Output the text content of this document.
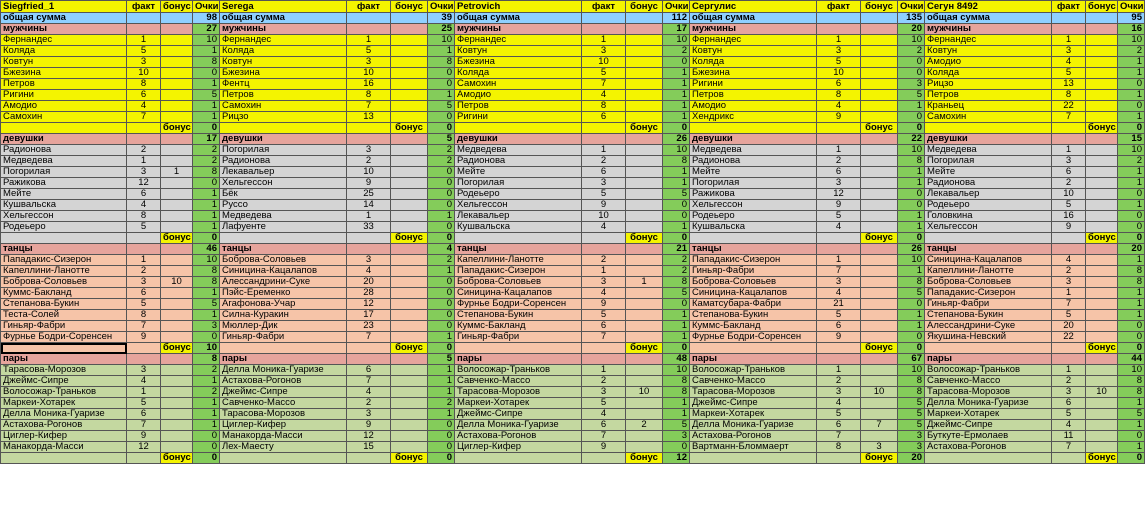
Siegfried_1	факт	бонус	Очки	Serega	факт	бонус	Очки	Petrovich	факт	бонус	Очки	Сергулис	факт	бонус	Очки	Сегун 8492	факт	бонус	Очки
общая сумма			98	общая сумма			39	общая сумма			112	общая сумма			135	общая сумма			95
мужчины			27	мужчины			25	мужчины			17	мужчины			20	мужчины			16
Фернандес	1		10	Фернандес	1		10	Фернандес	1		10	Фернандес	1		10	Фернандес	1		10
Коляда	5		1	Коляда	5		1	Ковтун	3		2	Ковтун	3		2	Ковтун	3		2
Ковтун	3		8	Ковтун	3		8	Бжезина	10		0	Коляда	5		0	Амодио	4		1
Бжезина	10		0	Бжезина	10		0	Коляда	5		1	Бжезина	10		0	Коляда	5		1
Петров	8		1	Фентц	16		0	Самохин	7		1	Ригини	6		3	Рицзо	13		0
Ригини	6		5	Петров	8		1	Амодио	4		1	Петров	8		5	Петров	8		1
Амодио	4		1	Самохин	7		5	Петров	8		1	Амодио	4		1	Краньец	22		0
Самохин	7		1	Рицзо	13		0	Ригини	6		1	Хендрикс	9		0	Самохин	7		1
		бонус	0			бонус	0			бонус	0			бонус	0			бонус	0
девушки			17	девушки			5	девушки			26	девушки			22	девушки			15
Радионова	2		2	Погорилая	3		2	Медведева	1		10	Медведева	1		10	Медведева	1		10
Медведева	1		2	Радионова	2		2	Радионова	2		8	Радионова	2		8	Погорилая	3		2
Погорилая	3	1	8	Лекавальер	10		0	Мейте	6		1	Мейте	6		1	Мейте	6		1
Ражикова	12		0	Хельгессон	9		0	Погорилая	3		1	Погорилая	3		1	Радионова	2		1
Мейте	6		1	Бёк	25		0	Родеьеро	5		5	Ражикова	12		0	Лекавальер	10		0
Кушвальска	4		1	Руссо	14		0	Хельгессон	9		0	Хельгессон	9		0	Родеьеро	5		1
Хельгессон	8		1	Медведева	1		1	Лекавальер	10		0	Родеьеро	5		1	Головкина	16		0
Родеьеро	5		1	Лафуенте	33		0	Кушвальска	4		1	Кушвальска	4		1	Хельгессон	9		0
		бонус	0			бонус	0			бонус	0			бонус	0			бонус	0
танцы			46	танцы			4	танцы			21	танцы			26	танцы			20
Пападакис-Сизерон	1		10	Боброва-Соловьев	3		2	Капеллини-Ланотте	2		2	Пападакис-Сизерон	1		10	Синицина-Кацалапов	4		1
Капеллини-Ланотте	2		8	Синицина-Кацалапов	4		1	Пападакис-Сизерон	1		2	Гиньяр-Фабри	7		1	Капеллини-Ланотте	2		8
Боброва-Соловьев	3	10	8	Алессандрини-Суке	20		0	Боброва-Соловьев	3	1	8	Боброва-Соловьев	3		8	Боброва-Соловьев	3		8
Куммс-Бакланд	6		1	Пэйс-Еременко	28		0	Синицина-Кацалапов	4		5	Синицина-Кацалапов	4		5	Пападакис-Сизерон	1		1
Степанова-Букин	5		5	Агафонова-Учар	12		0	Фурнье Бодри-Соренсен	9		0	Каматсубара-Фабри	21		0	Гиньяр-Фабри	7		1
Теста-Солей	8		1	Силна-Куракин	17		0	Степанова-Букин	5		1	Степанова-Букин	5		1	Степанова-Букин	5		1
Гиньяр-Фабри	7		3	Мюллер-Дик	23		0	Куммс-Бакланд	6		1	Куммс-Бакланд	6		1	Алессандрини-Суке	20		0
Фурнье Бодри-Соренсен	9		0	Гиньяр-Фабри	7		1	Гиньяр-Фабри	7		1	Фурнье Бодри-Соренсен	9		0	Якушина-Невский	22		0
		бонус	10			бонус	0			бонус	0			бонус	0			бонус	0
пары			8	пары			5	пары			48	пары			67	пары			44
Тарасова-Морозов	3		2	Делла Моника-Гуаризе	6		1	Волосожар-Траньков	1		10	Волосожар-Траньков	1		10	Волосожар-Траньков	1		10
Джеймс-Сипре	4		1	Астахова-Рогонов	7		1	Савченко-Массо	2		8	Савченко-Массо	2		8	Савченко-Массо	2		8
Волосожар-Траньков	1		2	Джеймс-Сипре	4		1	Тарасова-Морозов	3	10	8	Тарасова-Морозов	3	10	8	Тарасова-Морозов	3	10	8
Маркеи-Хотарек	5		1	Савченко-Массо	2		2	Маркеи-Хотарек	5		1	Джеймс-Сипре	4		5	Делла Моника-Гуаризе	6		1
Делла Моника-Гуаризе	6		1	Тарасова-Морозов	3		1	Джеймс-Сипре	4		1	Маркеи-Хотарек	5		5	Маркеи-Хотарек	5		5
Астахова-Рогонов	7		1	Циглер-Кифер	9		0	Делла Моника-Гуаризе	6	2	5	Делла Моника-Гуаризе	6	7	5	Джеймс-Сипре	4		1
Циглер-Кифер	9		0	Манакорда-Масси	12		0	Астахова-Рогонов	7		3	Астахова-Рогонов	7		3	Буткуте-Ермолаев	11		0
Манакорда-Масси	12		0	Лех-Маесту	15		0	Циглер-Кифер	9		0	Вартманн-Бломмаерт	8	3	3	Астахова-Рогонов	7		1
		бонус	0			бонус	0			бонус	12			бонус	20			бонус	0
